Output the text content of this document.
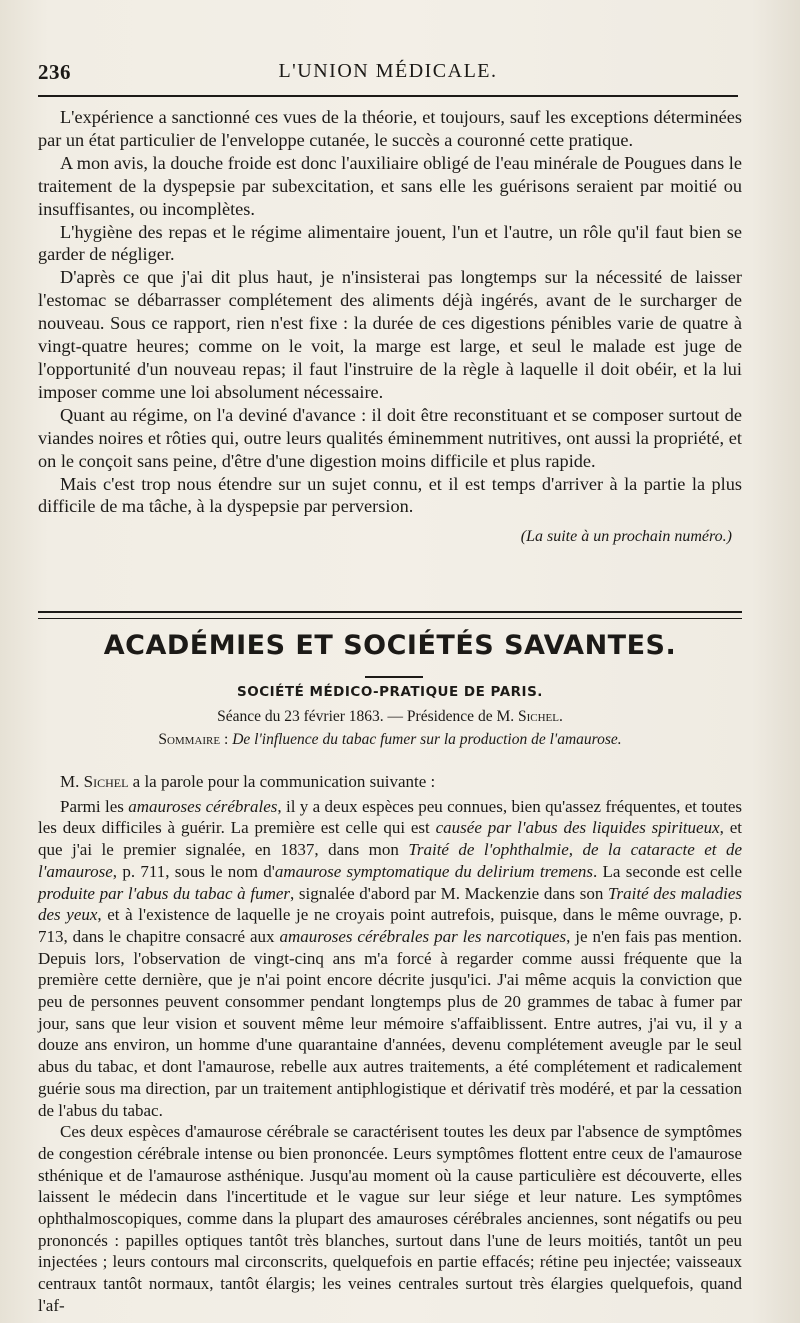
236	L'UNION MÉDICALE.

L'expérience a sanctionné ces vues de la théorie, et toujours, sauf les exceptions déterminées par un état particulier de l'enveloppe cutanée, le succès a couronné cette pratique.

A mon avis, la douche froide est donc l'auxiliaire obligé de l'eau minérale de Pougues dans le traitement de la dyspepsie par subexcitation, et sans elle les guérisons seraient par moitié ou insuffisantes, ou incomplètes.

L'hygiène des repas et le régime alimentaire jouent, l'un et l'autre, un rôle qu'il faut bien se garder de négliger.

D'après ce que j'ai dit plus haut, je n'insisterai pas longtemps sur la nécessité de laisser l'estomac se débarrasser complétement des aliments déjà ingérés, avant de le surcharger de nouveau. Sous ce rapport, rien n'est fixe : la durée de ces digestions pénibles varie de quatre à vingt-quatre heures; comme on le voit, la marge est large, et seul le malade est juge de l'opportunité d'un nouveau repas; il faut l'instruire de la règle à laquelle il doit obéir, et la lui imposer comme une loi absolument nécessaire.

Quant au régime, on l'a deviné d'avance : il doit être reconstituant et se composer surtout de viandes noires et rôties qui, outre leurs qualités éminemment nutritives, ont aussi la propriété, et on le conçoit sans peine, d'être d'une digestion moins difficile et plus rapide.

Mais c'est trop nous étendre sur un sujet connu, et il est temps d'arriver à la partie la plus difficile de ma tâche, à la dyspepsie par perversion.

(La suite à un prochain numéro.)
ACADÉMIES ET SOCIÉTÉS SAVANTES.
SOCIÉTÉ MÉDICO-PRATIQUE DE PARIS.
Séance du 23 février 1863. — Présidence de M. Sichel.
Sommaire : De l'influence du tabac fumer sur la production de l'amaurose.

M. Sichel a la parole pour la communication suivante :

Parmi les amauroses cérébrales, il y a deux espèces peu connues, bien qu'assez fréquentes, et toutes les deux difficiles à guérir. La première est celle qui est causée par l'abus des liquides spiritueux, et que j'ai le premier signalée, en 1837, dans mon Traité de l'ophthalmie, de la cataracte et de l'amaurose, p. 711, sous le nom d'amaurose symptomatique du delirium tremens. La seconde est celle produite par l'abus du tabac à fumer, signalée d'abord par M. Mackenzie dans son Traité des maladies des yeux, et à l'existence de laquelle je ne croyais point autrefois, puisque, dans le même ouvrage, p. 713, dans le chapitre consacré aux amauroses cérébrales par les narcotiques, je n'en fais pas mention. Depuis lors, l'observation de vingt-cinq ans m'a forcé à regarder comme aussi fréquente que la première cette dernière, que je n'ai point encore décrite jusqu'ici. J'ai même acquis la conviction que peu de personnes peuvent consommer pendant longtemps plus de 20 grammes de tabac à fumer par jour, sans que leur vision et souvent même leur mémoire s'affaiblissent. Entre autres, j'ai vu, il y a douze ans environ, un homme d'une quarantaine d'années, devenu complétement aveugle par le seul abus du tabac, et dont l'amaurose, rebelle aux autres traitements, a été complétement et radicalement guérie sous ma direction, par un traitement antiphlogistique et dérivatif très modéré, et par la cessation de l'abus du tabac.

Ces deux espèces d'amaurose cérébrale se caractérisent toutes les deux par l'absence de symptômes de congestion cérébrale intense ou bien prononcée. Leurs symptômes flottent entre ceux de l'amaurose sthénique et de l'amaurose asthénique. Jusqu'au moment où la cause particulière est découverte, elles laissent le médecin dans l'incertitude et le vague sur leur siége et leur nature. Les symptômes ophthalmoscopiques, comme dans la plupart des amauroses cérébrales anciennes, sont négatifs ou peu prononcés : papilles optiques tantôt très blanches, surtout dans l'une de leurs moitiés, tantôt un peu injectées ; leurs contours mal circonscrits, quelquefois en partie effacés; rétine peu injectée; vaisseaux centraux tantôt normaux, tantôt élargis; les veines centrales surtout très élargies quelquefois, quand l'af-
